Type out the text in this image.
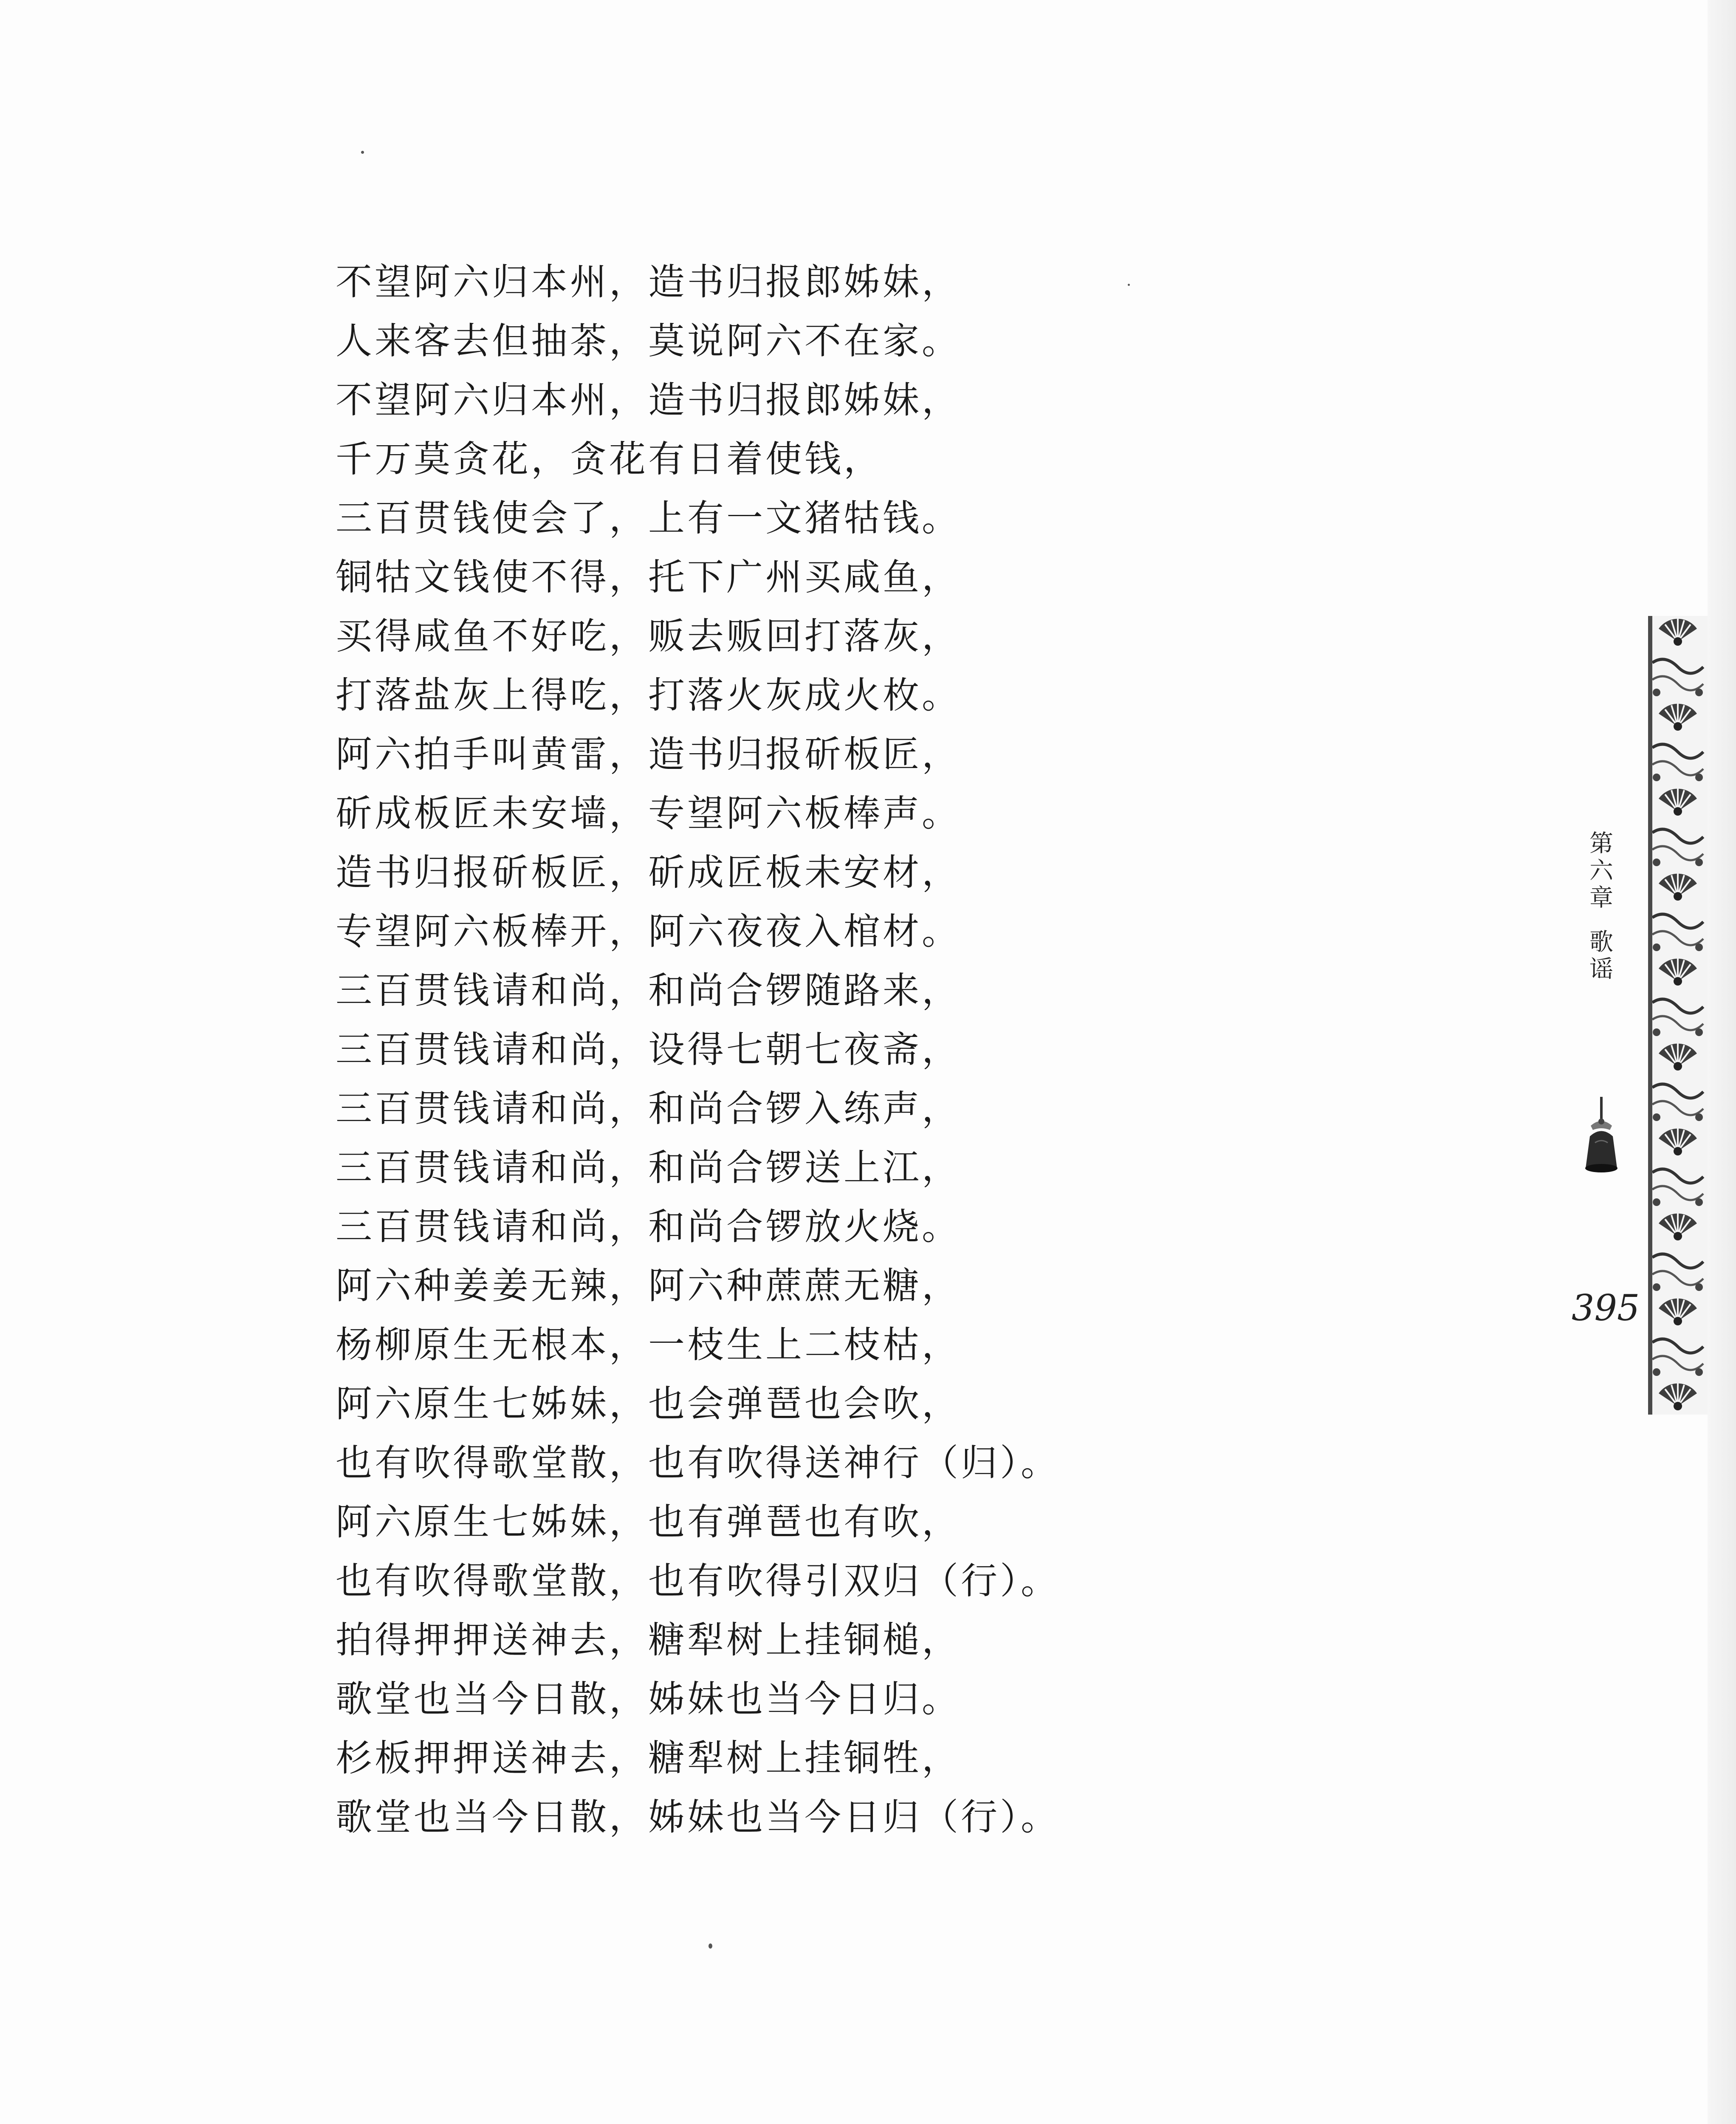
不望阿六归本州，造书归报郎姊妹，
人来客去但抽茶，莫说阿六不在家。
不望阿六归本州，造书归报郎姊妹，
千万莫贪花，贪花有日着使钱，
三百贯钱使会了，上有一文猪牯钱。
铜牯文钱使不得，托下广州买咸鱼，
买得咸鱼不好吃，贩去贩回打落灰，
打落盐灰上得吃，打落火灰成火枚。
阿六拍手叫黄雷，造书归报斫板匠，
斫成板匠未安墙，专望阿六板棒声。
造书归报斫板匠，斫成匠板未安材，
专望阿六板棒开，阿六夜夜入棺材。
三百贯钱请和尚，和尚合锣随路来，
三百贯钱请和尚，设得七朝七夜斋，
三百贯钱请和尚，和尚合锣入练声，
三百贯钱请和尚，和尚合锣送上江，
三百贯钱请和尚，和尚合锣放火烧。
阿六种姜姜无辣，阿六种蔗蔗无糖，
杨柳原生无根本，一枝生上二枝枯，
阿六原生七姊妹，也会弹琶也会吹，
也有吹得歌堂散，也有吹得送神行（归）。
阿六原生七姊妹，也有弹琶也有吹，
也有吹得歌堂散，也有吹得引双归（行）。
拍得押押送神去，糖犁树上挂铜槌，
歌堂也当今日散，姊妹也当今日归。
杉板押押送神去，糖犁树上挂铜牲，
歌堂也当今日散，姊妹也当今日归（行）。
第六章
歌谣
395
